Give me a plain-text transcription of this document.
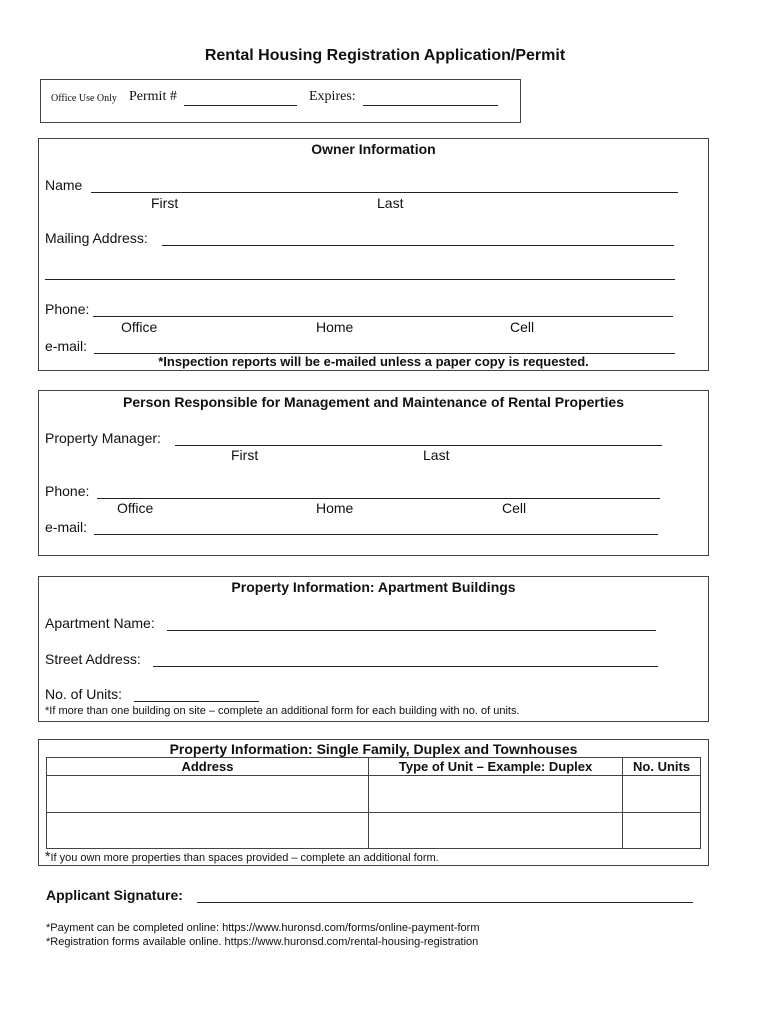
Rental Housing Registration Application/Permit
Office Use Only Permit #	Expires:
Owner Information
Name
First	Last
Mailing Address:
Phone:
Office	Home	Cell
e-mail:
*Inspection reports will be e-mailed unless a paper copy is requested.
Person Responsible for Management and Maintenance of Rental Properties
Property Manager:
First	Last
Phone:
Office	Home	Cell
e-mail:
Property Information: Apartment Buildings
Apartment Name:
Street Address:
No. of Units:
*If more than one building on site – complete an additional form for each building with no. of units.
Property Information: Single Family, Duplex and Townhouses
Address	Type of Unit – Example: Duplex	No. Units

*If you own more properties than spaces provided – complete an additional form.
Applicant Signature:
*Payment can be completed online: https://www.huronsd.com/forms/online-payment-form
*Registration forms available online. https://www.huronsd.com/rental-housing-registration
